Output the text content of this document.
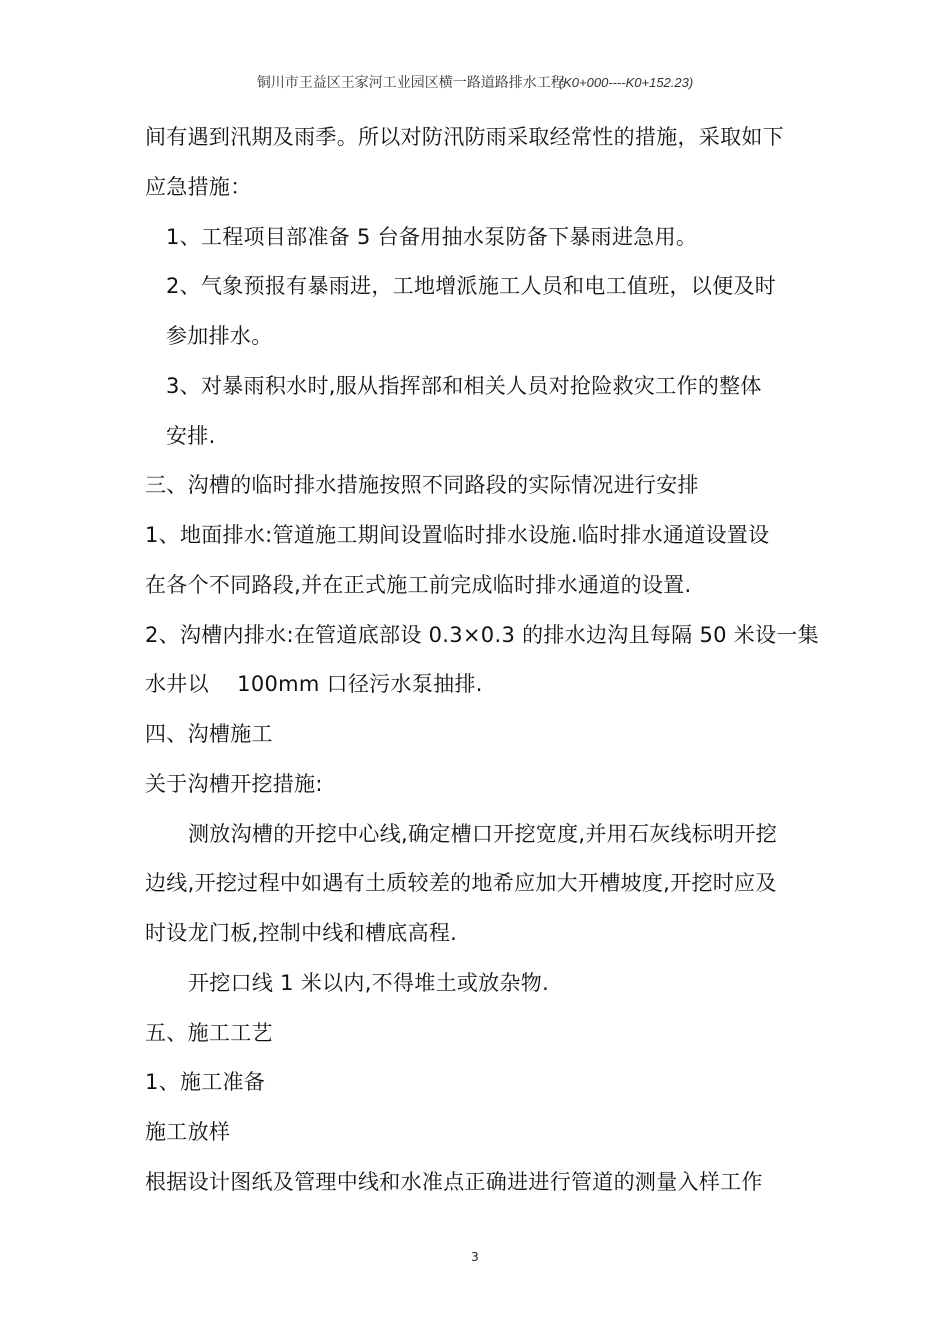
铜川市王益区王家河工业园区横一路道路排水工程(K0+000----K0+152.23)
间有遇到汛期及雨季。所以对防汛防雨采取经常性的措施，采取如下
应急措施：
1、工程项目部准备 5 台备用抽水泵防备下暴雨进急用。
2、气象预报有暴雨进，工地增派施工人员和电工值班，以便及时
参加排水。
3、对暴雨积水时,服从指挥部和相关人员对抢险救灾工作的整体
安排.
三、沟槽的临时排水措施按照不同路段的实际情况进行安排
1、地面排水:管道施工期间设置临时排水设施.临时排水通道设置设
在各个不同路段,并在正式施工前完成临时排水通道的设置.
2、沟槽内排水:在管道底部设 0.3×0.3 的排水边沟且每隔 50 米设一集
水井以　 100mm 口径污水泵抽排.
四、沟槽施工
关于沟槽开挖措施:
测放沟槽的开挖中心线,确定槽口开挖宽度,并用石灰线标明开挖
边线,开挖过程中如遇有土质较差的地希应加大开槽坡度,开挖时应及
时设龙门板,控制中线和槽底高程.
开挖口线 1 米以内,不得堆土或放杂物.
五、施工工艺
1、施工准备
施工放样
根据设计图纸及管理中线和水准点正确进进行管道的测量入样工作
3
